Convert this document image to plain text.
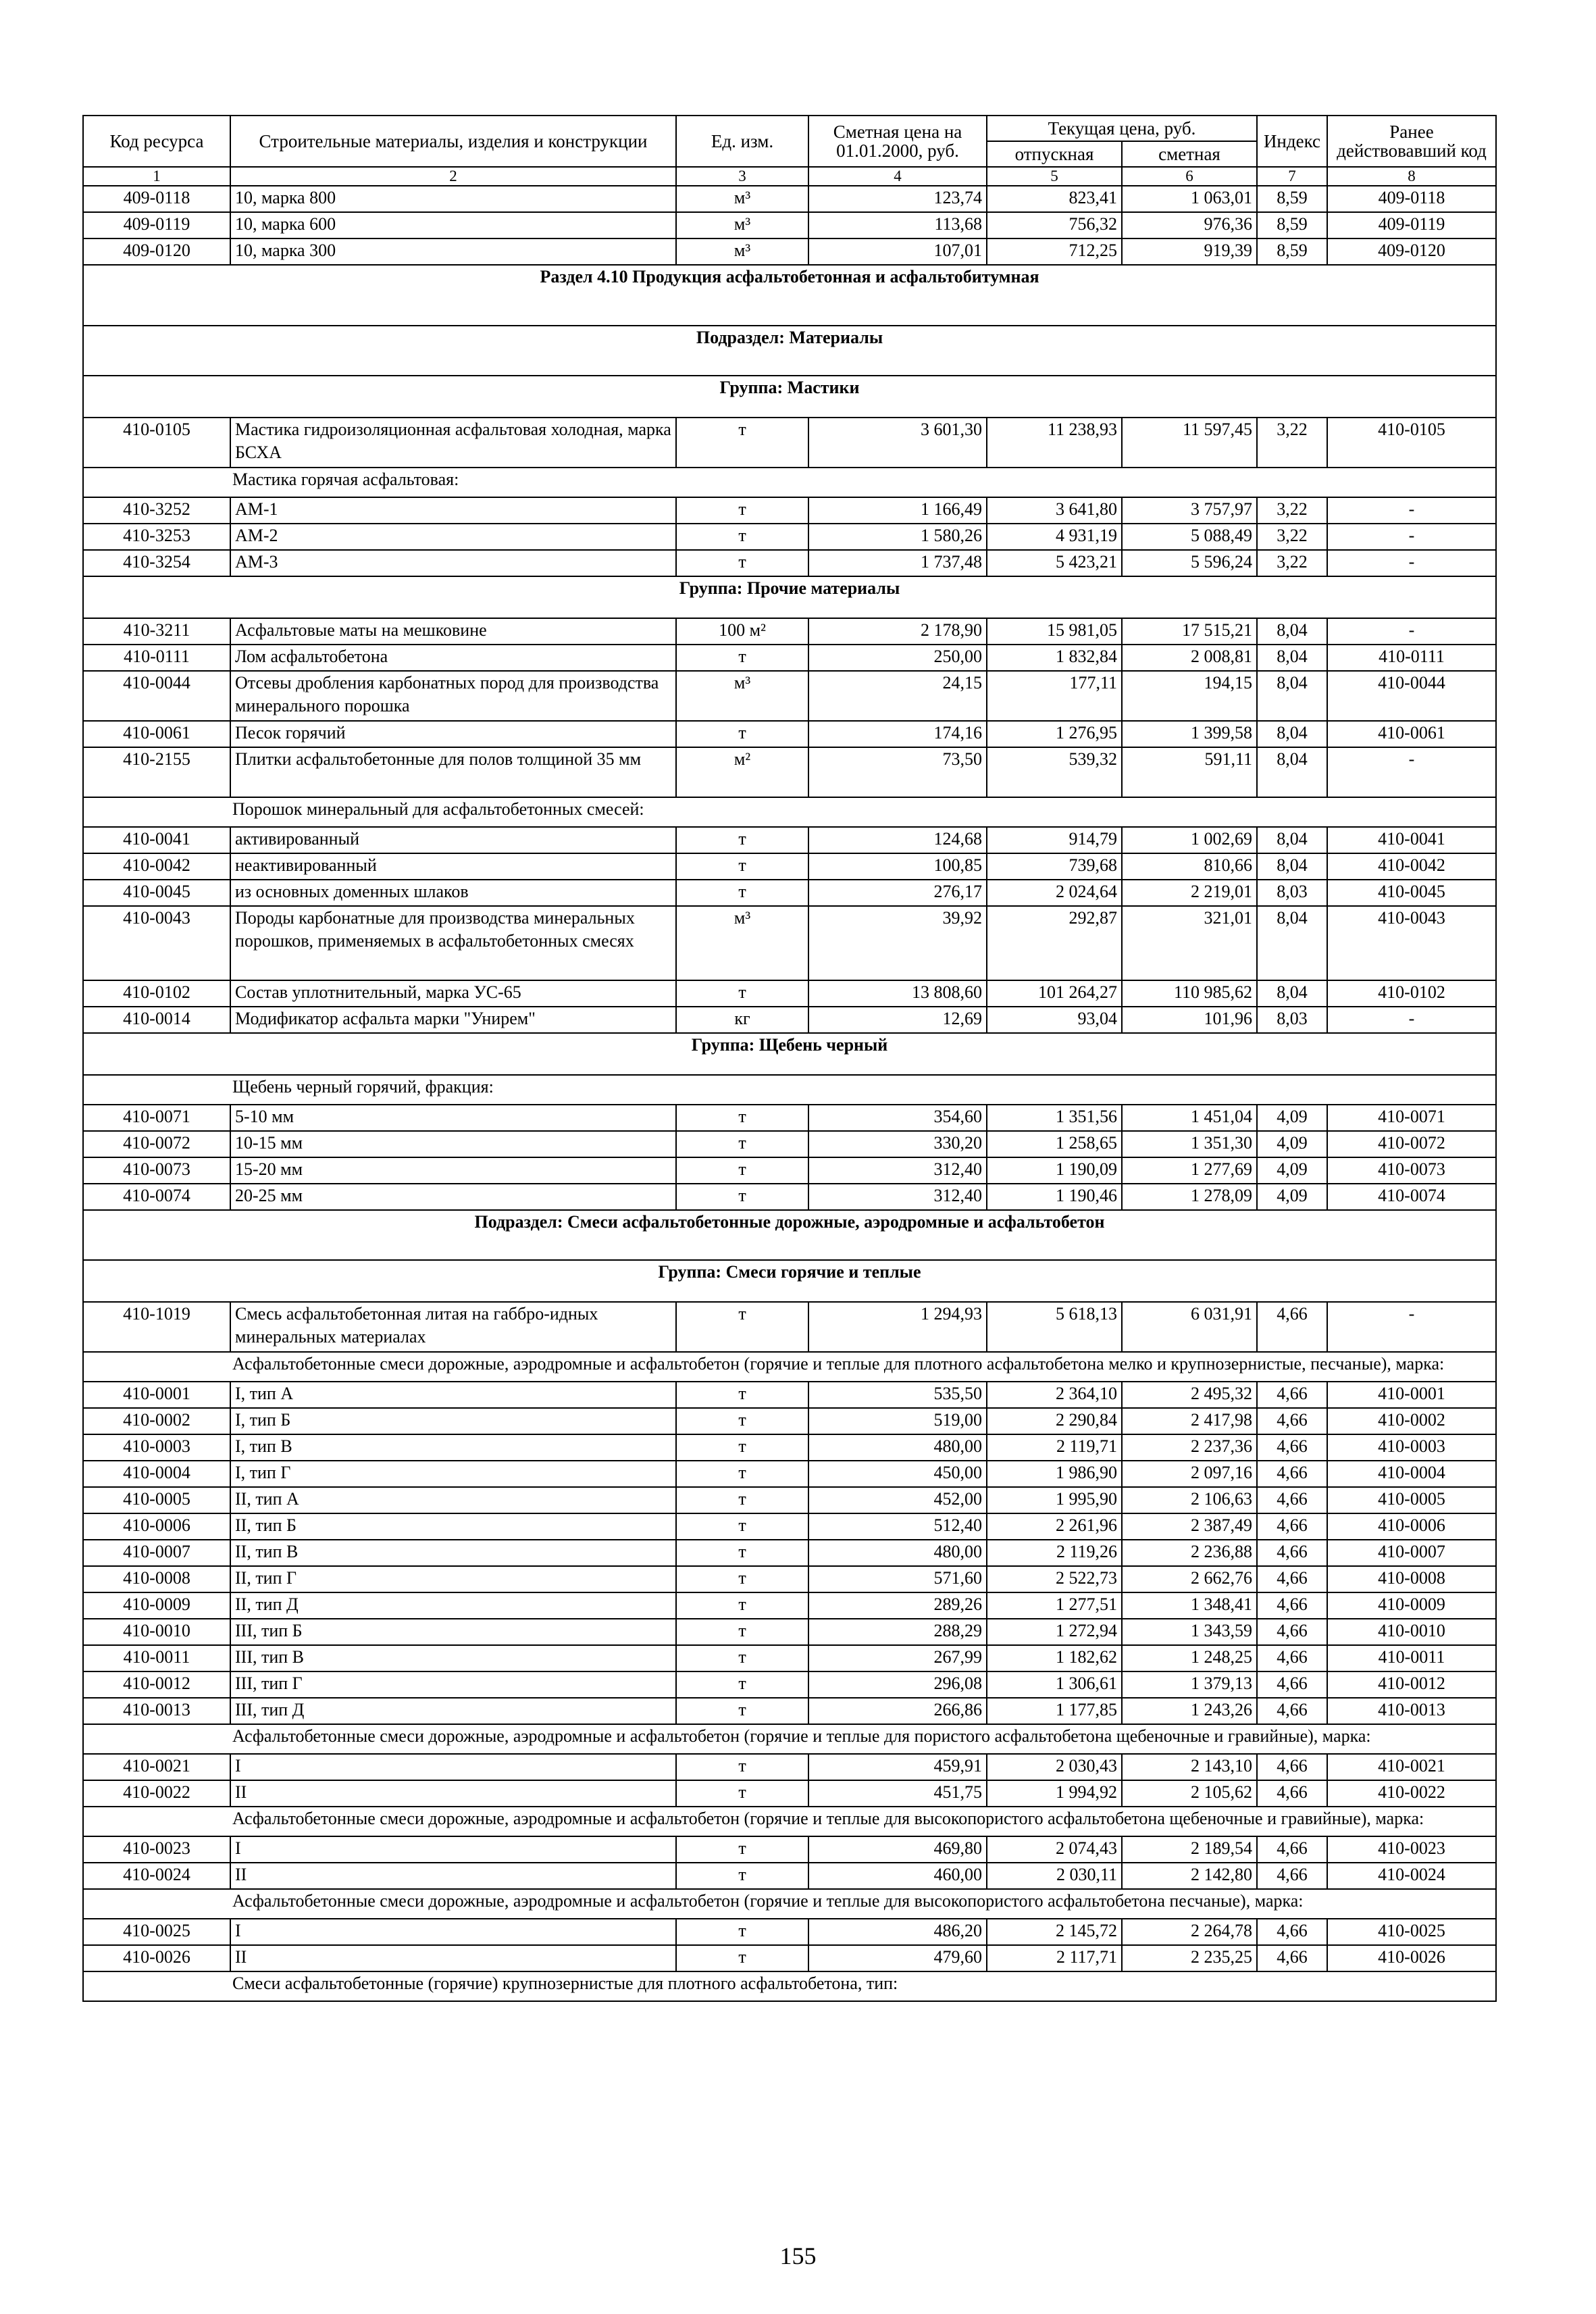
Код ресурса	Строительные материалы, изделия и конструкции	Ед. изм.	Сметная цена на 01.01.2000, руб.	Текущая цена, руб.		Индекс	Ранее действовавший код
				отпускная	сметная		
1	2	3	4	5	6	7	8
409-0118	10, марка 800	м³	123,74	823,41	1 063,01	8,59	409-0118
409-0119	10, марка 600	м³	113,68	756,32	976,36	8,59	409-0119
409-0120	10, марка 300	м³	107,01	712,25	919,39	8,59	409-0120
Раздел 4.10 Продукция асфальтобетонная и асфальтобитумная							
Подраздел: Материалы							
Группа: Мастики							
410-0105	Мастика гидроизоляционная асфальтовая холодная, марка БСХА	т	3 601,30	11 238,93	11 597,45	3,22	410-0105
Мастика горячая асфальтовая:							
410-3252	АМ-1	т	1 166,49	3 641,80	3 757,97	3,22	-
410-3253	АМ-2	т	1 580,26	4 931,19	5 088,49	3,22	-
410-3254	АМ-3	т	1 737,48	5 423,21	5 596,24	3,22	-
Группа: Прочие материалы							
410-3211	Асфальтовые маты на мешковине	100 м²	2 178,90	15 981,05	17 515,21	8,04	-
410-0111	Лом асфальтобетона	т	250,00	1 832,84	2 008,81	8,04	410-0111
410-0044	Отсевы дробления карбонатных пород для производства минерального порошка	м³	24,15	177,11	194,15	8,04	410-0044
410-0061	Песок горячий	т	174,16	1 276,95	1 399,58	8,04	410-0061
410-2155	Плитки асфальтобетонные для полов толщиной 35 мм	м²	73,50	539,32	591,11	8,04	-
Порошок минеральный для асфальтобетонных смесей:							
410-0041	активированный	т	124,68	914,79	1 002,69	8,04	410-0041
410-0042	неактивированный	т	100,85	739,68	810,66	8,04	410-0042
410-0045	из основных доменных шлаков	т	276,17	2 024,64	2 219,01	8,03	410-0045
410-0043	Породы карбонатные для производства минеральных порошков, применяемых в асфальтобетонных смесях	м³	39,92	292,87	321,01	8,04	410-0043
410-0102	Состав уплотнительный, марка УС-65	т	13 808,60	101 264,27	110 985,62	8,04	410-0102
410-0014	Модификатор асфальта марки "Унирем"	кг	12,69	93,04	101,96	8,03	-
Группа: Щебень черный							
Щебень черный горячий, фракция:							
410-0071	5-10 мм	т	354,60	1 351,56	1 451,04	4,09	410-0071
410-0072	10-15 мм	т	330,20	1 258,65	1 351,30	4,09	410-0072
410-0073	15-20 мм	т	312,40	1 190,09	1 277,69	4,09	410-0073
410-0074	20-25 мм	т	312,40	1 190,46	1 278,09	4,09	410-0074
Подраздел: Смеси асфальтобетонные дорожные, аэродромные и асфальтобетон							
Группа: Смеси горячие и теплые							
410-1019	Смесь асфальтобетонная литая на габбро-идных минеральных материалах	т	1 294,93	5 618,13	6 031,91	4,66	-
Асфальтобетонные смеси дорожные, аэродромные и асфальтобетон (горячие и теплые для плотного асфальтобетона мелко и крупнозернистые, песчаные), марка:							
410-0001	I, тип А	т	535,50	2 364,10	2 495,32	4,66	410-0001
410-0002	I, тип Б	т	519,00	2 290,84	2 417,98	4,66	410-0002
410-0003	I, тип В	т	480,00	2 119,71	2 237,36	4,66	410-0003
410-0004	I, тип Г	т	450,00	1 986,90	2 097,16	4,66	410-0004
410-0005	II, тип А	т	452,00	1 995,90	2 106,63	4,66	410-0005
410-0006	II, тип Б	т	512,40	2 261,96	2 387,49	4,66	410-0006
410-0007	II, тип В	т	480,00	2 119,26	2 236,88	4,66	410-0007
410-0008	II, тип Г	т	571,60	2 522,73	2 662,76	4,66	410-0008
410-0009	II, тип Д	т	289,26	1 277,51	1 348,41	4,66	410-0009
410-0010	III, тип Б	т	288,29	1 272,94	1 343,59	4,66	410-0010
410-0011	III, тип В	т	267,99	1 182,62	1 248,25	4,66	410-0011
410-0012	III, тип Г	т	296,08	1 306,61	1 379,13	4,66	410-0012
410-0013	III, тип Д	т	266,86	1 177,85	1 243,26	4,66	410-0013
Асфальтобетонные смеси дорожные, аэродромные и асфальтобетон (горячие и теплые для пористого асфальтобетона щебеночные и гравийные), марка:							
410-0021	I	т	459,91	2 030,43	2 143,10	4,66	410-0021
410-0022	II	т	451,75	1 994,92	2 105,62	4,66	410-0022
Асфальтобетонные смеси дорожные, аэродромные и асфальтобетон (горячие и теплые для высокопористого асфальтобетона щебеночные и гравийные), марка:							
410-0023	I	т	469,80	2 074,43	2 189,54	4,66	410-0023
410-0024	II	т	460,00	2 030,11	2 142,80	4,66	410-0024
Асфальтобетонные смеси дорожные, аэродромные и асфальтобетон (горячие и теплые для высокопористого асфальтобетона песчаные), марка:							
410-0025	I	т	486,20	2 145,72	2 264,78	4,66	410-0025
410-0026	II	т	479,60	2 117,71	2 235,25	4,66	410-0026
Смеси асфальтобетонные (горячие) крупнозернистые для плотного асфальтобетона, тип:							
155
